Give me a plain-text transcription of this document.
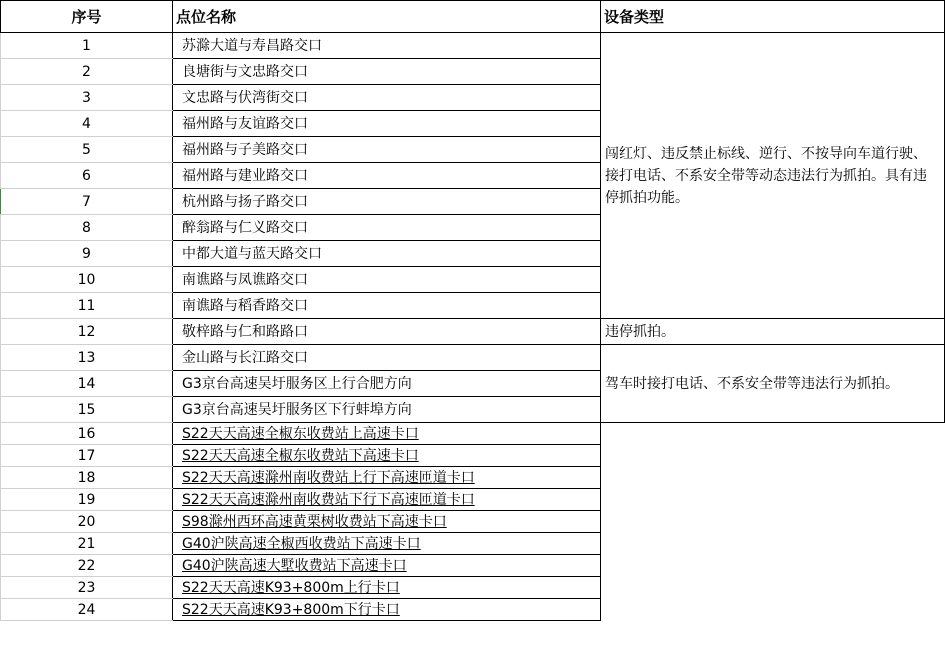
序号	点位名称	设备类型
1	苏滁大道与寿昌路交口	闯红灯、违反禁止标线、逆行、不按导向车道行驶、接打电话、不系安全带等动态违法行为抓拍。具有违停抓拍功能。
2	良塘街与文忠路交口	
3	文忠路与伏湾街交口	
4	福州路与友谊路交口	
5	福州路与子美路交口	
6	福州路与建业路交口	
7	杭州路与扬子路交口	
8	醉翁路与仁义路交口	
9	中都大道与蓝天路交口	
10	南谯路与凤谯路交口	
11	南谯路与稻香路交口	
12	敬梓路与仁和路路口	违停抓拍。
13	金山路与长江路交口	驾车时接打电话、不系安全带等违法行为抓拍。
14	G3京台高速吴圩服务区上行合肥方向	
15	G3京台高速吴圩服务区下行蚌埠方向	
16	S22天天高速全椒东收费站上高速卡口	
17	S22天天高速全椒东收费站下高速卡口	
18	S22天天高速滁州南收费站上行下高速匝道卡口	
19	S22天天高速滁州南收费站下行下高速匝道卡口	
20	S98滁州西环高速黄栗树收费站下高速卡口	
21	G40沪陕高速全椒西收费站下高速卡口	
22	G40沪陕高速大墅收费站下高速卡口	
23	S22天天高速K93+800m上行卡口	
24	S22天天高速K93+800m下行卡口	
